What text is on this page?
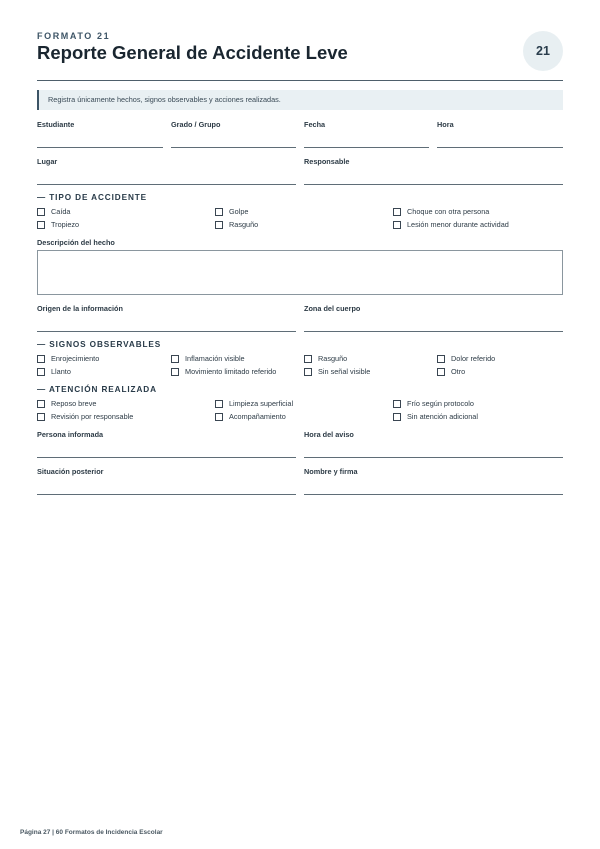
FORMATO 21
Reporte General de Accidente Leve	21
Registra únicamente hechos, signos observables y acciones realizadas.
Estudiante	Grado / Grupo	Fecha	Hora
Lugar	Responsable
— TIPO DE ACCIDENTE
Caída	Golpe	Choque con otra persona
Tropiezo	Rasguño	Lesión menor durante actividad
Descripción del hecho
Origen de la información	Zona del cuerpo
— SIGNOS OBSERVABLES
Enrojecimiento	Inflamación visible	Rasguño	Dolor referido
Llanto	Movimiento limitado referido	Sin señal visible	Otro
— ATENCIÓN REALIZADA
Reposo breve	Limpieza superficial	Frío según protocolo
Revisión por responsable	Acompañamiento	Sin atención adicional
Persona informada	Hora del aviso
Situación posterior	Nombre y firma
Página 27 | 60 Formatos de Incidencia Escolar
